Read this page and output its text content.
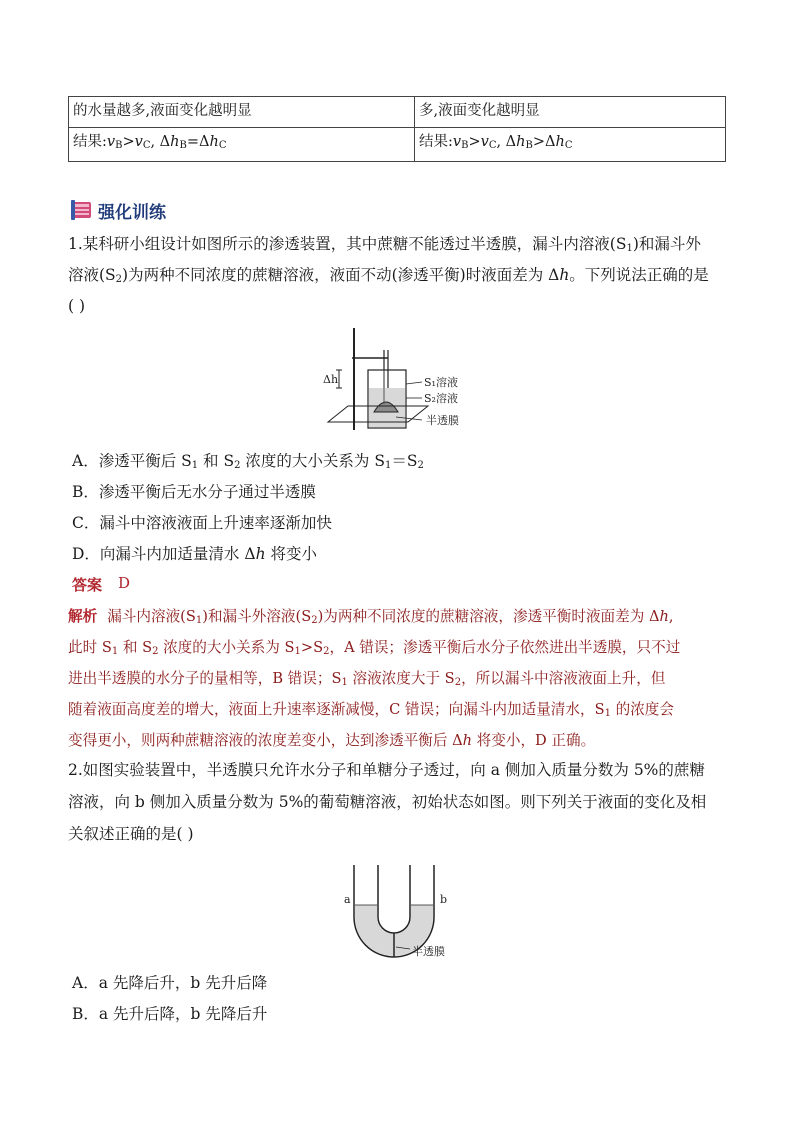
的水量越多,液面变化越明显	多,液面变化越明显
结果$:v_B>v_C$, $\Delta h_B=\Delta h_C$	结果$:v_B>v_C$, $\Delta h_B>\Delta h_C$
强化训练
1.某科研小组设计如图所示的渗透装置，其中蔗糖不能透过半透膜，漏斗内溶液$(S_1)$和漏斗外
溶液$(S_2)$为两种不同浓度的蔗糖溶液，液面不动(渗透平衡)时液面差为 Δh。下列说法正确的是
( )
Δh	S₁溶液
S₂溶液
半透膜
A．渗透平衡后 $S_1$ 和 $S_2$ 浓度的大小关系为 $S_1=S_2$
B．渗透平衡后无水分子通过半透膜
C．漏斗中溶液液面上升速率逐渐加快
D．向漏斗内加适量清水 Δh 将变小
答案 D
解析 漏斗内溶液$(S_1)$和漏斗外溶液$(S_2)$为两种不同浓度的蔗糖溶液，渗透平衡时液面差为 Δh,
此时 $S_1$ 和 $S_2$ 浓度的大小关系为 $S_1>S_2$，A 错误；渗透平衡后水分子依然进出半透膜，只不过
进出半透膜的水分子的量相等，B 错误；$S_1$ 溶液浓度大于 $S_2$，所以漏斗中溶液液面上升，但
随着液面高度差的增大，液面上升速率逐渐减慢，C 错误；向漏斗内加适量清水，$S_1$ 的浓度会
变得更小，则两种蔗糖溶液的浓度差变小，达到渗透平衡后 Δh 将变小，D 正确。
2.如图实验装置中，半透膜只允许水分子和单糖分子透过，向 a 侧加入质量分数为 5%的蔗糖
溶液，向 b 侧加入质量分数为 5%的葡萄糖溶液，初始状态如图。则下列关于液面的变化及相
关叙述正确的是( )
a	b
半透膜
A．a 先降后升，b 先升后降
B．a 先升后降，b 先降后升
